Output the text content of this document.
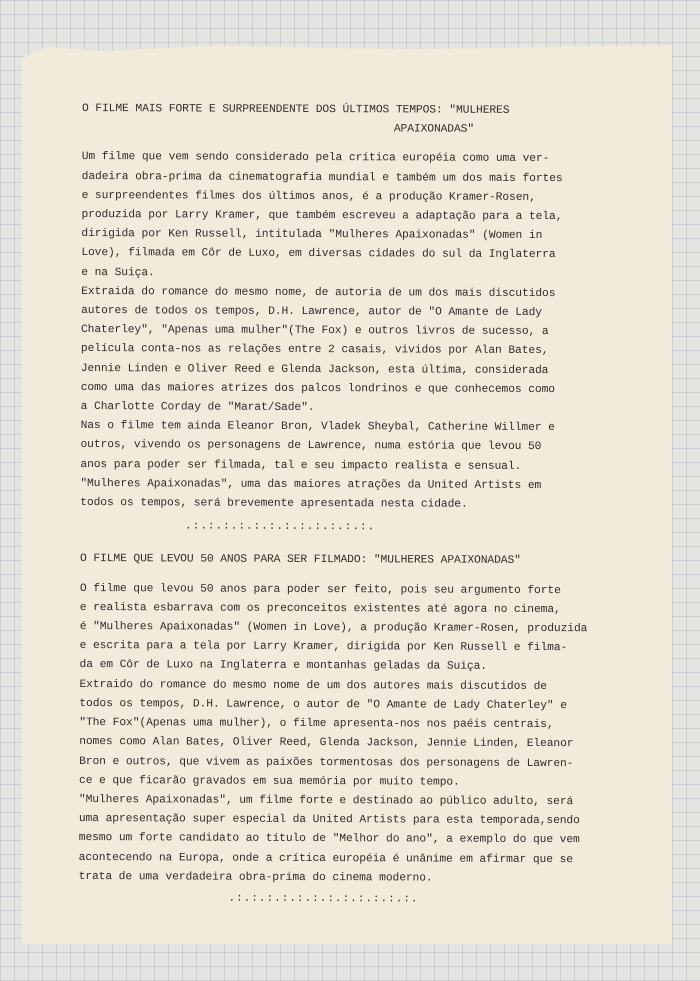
O FILME MAIS FORTE E SURPREENDENTE DOS ÚLTIMOS TEMPOS: "MULHERES
APAIXONADAS"
Um filme que vem sendo considerado pela crítica européia como uma ver-
dadeira obra-prima da cinematografia mundial e também um dos mais fortes
e surpreendentes filmes dos últimos anos, é a produção Kramer-Rosen,
produzida por Larry Kramer, que também escreveu a adaptação para a tela,
dirigida por Ken Russell, intitulada "Mulheres Apaixonadas" (Women in
Love), filmada em Côr de Luxo, em diversas cidades do sul da Inglaterra
e na Suiça.
Extraida do romance do mesmo nome, de autoria de um dos mais discutidos
autores de todos os tempos, D.H. Lawrence, autor de "O Amante de Lady
Chaterley", "Apenas uma mulher"(The Fox) e outros livros de sucesso, a
película conta-nos as relações entre 2 casais, vividos por Alan Bates,
Jennie Linden e Oliver Reed e Glenda Jackson, esta última, considerada
como uma das maiores atrizes dos palcos londrinos e que conhecemos como
a Charlotte Corday de "Marat/Sade".
Nas o filme tem ainda Eleanor Bron, Vladek Sheybal, Catherine Willmer e
outros, vivendo os personagens de Lawrence, numa estória que levou 50
anos para poder ser filmada, tal e seu impacto realista e sensual.
"Mulheres Apaixonadas", uma das maiores atrações da United Artists em
todos os tempos, será brevemente apresentada nesta cidade.
.:.:.:.:.:.:.:.:.:.:.:.:.
O FILME QUE LEVOU 50 ANOS PARA SER FILMADO: "MULHERES APAIXONADAS"
O filme que levou 50 anos para poder ser feito, pois seu argumento forte
e realista esbarrava com os preconceitos existentes até agora no cinema,
é "Mulheres Apaixonadas" (Women in Love), a produção Kramer-Rosen, produzida
e escrita para a tela por Larry Kramer, dirigida por Ken Russell e filma-
da em Côr de Luxo na Inglaterra e montanhas geladas da Suiça.
Extraido do romance do mesmo nome de um dos autores mais discutidos de
todos os tempos, D.H. Lawrence, o autor de "O Amante de Lady Chaterley" e
"The Fox"(Apenas uma mulher), o filme apresenta-nos nos paéis centrais,
nomes como Alan Bates, Oliver Reed, Glenda Jackson, Jennie Linden, Eleanor
Bron e outros, que vivem as paixões tormentosas dos personagens de Lawren-
ce e que ficarão gravados em sua memória por muito tempo.
"Mulheres Apaixonadas", um filme forte e destinado ao público adulto, será
uma apresentação super especial da United Artists para esta temporada,sendo
mesmo um forte candidato ao título de "Melhor do ano", a exemplo do que vem
acontecendo na Europa, onde a crítica européia é unânime em afirmar que se
trata de uma verdadeira obra-prima do cinema moderno.
.:.:.:.:.:.:.:.:.:.:.:.:.
